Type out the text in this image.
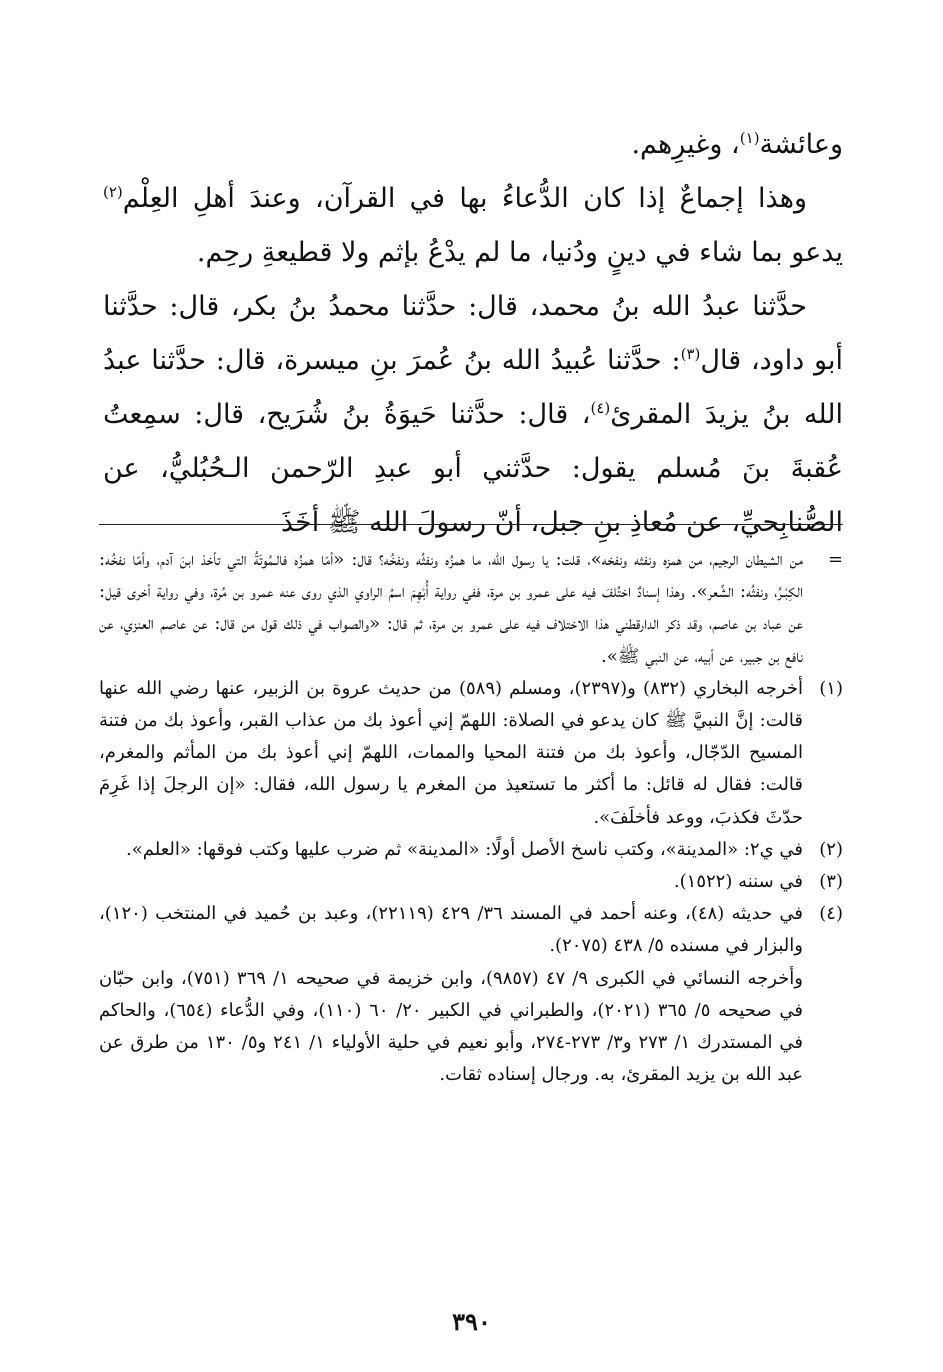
وعائشة$^{(١)}$، وغيرِهم.

وهذا إجماعٌ إذا كان الدُّعاءُ بها في القرآن، وعندَ أهلِ العِلْم$^{(٢)}$ يدعو بما شاء في دينٍ ودُنيا، ما لم يدْعُ بإثم ولا قطيعةِ رحِم.

حدَّثنا عبدُ الله بنُ محمد، قال: حدَّثنا محمدُ بنُ بكر، قال: حدَّثنا أبو داود، قال$^{(٣)}$: حدَّثنا عُبيدُ الله بنُ عُمرَ بنِ ميسرة، قال: حدَّثنا عبدُ الله بنُ يزيدَ المقرئ$^{(٤)}$، قال: حدَّثنا حَيوَةُ بنُ شُرَيح، قال: سمِعتُ عُقبةَ بنَ مُسلم يقول: حدَّثني أبو عبدِ الرّحمن الـحُبُليُّ، عن الصُّنابِحيِّ، عن مُعاذِ بنِ جبل، أنّ رسولَ الله ﷺ أخَذَ

=
من الشيطان الرجيم، من همزه ونفثه ونفخه»، قلت: يا رسول الله، ما همزُه ونفثُه ونفخُه؟ قال: «أمّا همزُه فالـمُوتَةُ التي تأخذ ابنَ آدم، وأمّا نفخُه: الكِبْـرُ، ونفثُه: الشِّعر». وهذا إسنادٌ اختُلفَ فيه على عمرو بن مرة، ففي رواية أُبْهِمَ اسمُ الراوي الذي روى عنه عمرو بن مُرة، وفي رواية أخرى قيل: عن عباد بن عاصم، وقد ذكر الدارقطني هذا الاختلاف فيه على عمرو بن مرة، ثم قال: «والصواب في ذلك قول من قال: عن عاصم العنزي، عن نافع بن جبير، عن أبيه، عن النبي ﷺ».
(١)
أخرجه البخاري (٨٣٢) و(٢٣٩٧)، ومسلم (٥٨٩) من حديث عروة بن الزبير، عنها رضي الله عنها قالت: إنَّ النبيَّ ﷺ كان يدعو في الصلاة: اللهمّ إني أعوذ بك من عذاب القبر، وأعوذ بك من فتنة المسيح الدّجّال، وأعوذ بك من فتنة المحيا والممات، اللهمّ إني أعوذ بك من المأثم والمغرم، قالت: فقال له قائل: ما أكثر ما تستعيذ من المغرم يا رسول الله، فقال: «إن الرجلَ إذا غَرِمَ حدّثَ فكذبَ، ووعد فأخلَفَ».
(٢)
في ي٢: «المدينة»، وكتب ناسخ الأصل أولًا: «المدينة» ثم ضرب عليها وكتب فوقها: «العلم».
(٣)
في سننه (١٥٢٢).
(٤)
في حديثه (٤٨)، وعنه أحمد في المسند ٣٦/ ٤٢٩ (٢٢١١٩)، وعبد بن حُميد في المنتخب (١٢٠)، والبزار في مسنده ٥/ ٤٣٨ (٢٠٧٥).
وأخرجه النسائي في الكبرى ٩/ ٤٧ (٩٨٥٧)، وابن خزيمة في صحيحه ١/ ٣٦٩ (٧٥١)، وابن حبّان في صحيحه ٥/ ٣٦٥ (٢٠٢١)، والطبراني في الكبير ٢٠/ ٦٠ (١١٠)، وفي الدُّعاء (٦٥٤)، والحاكم في المستدرك ١/ ٢٧٣ و٣/ ٢٧٣-٢٧٤، وأبو نعيم في حلية الأولياء ١/ ٢٤١ و٥/ ١٣٠ من طرق عن عبد الله بن يزيد المقرئ، به. ورجال إسناده ثقات.
٣٩٠
